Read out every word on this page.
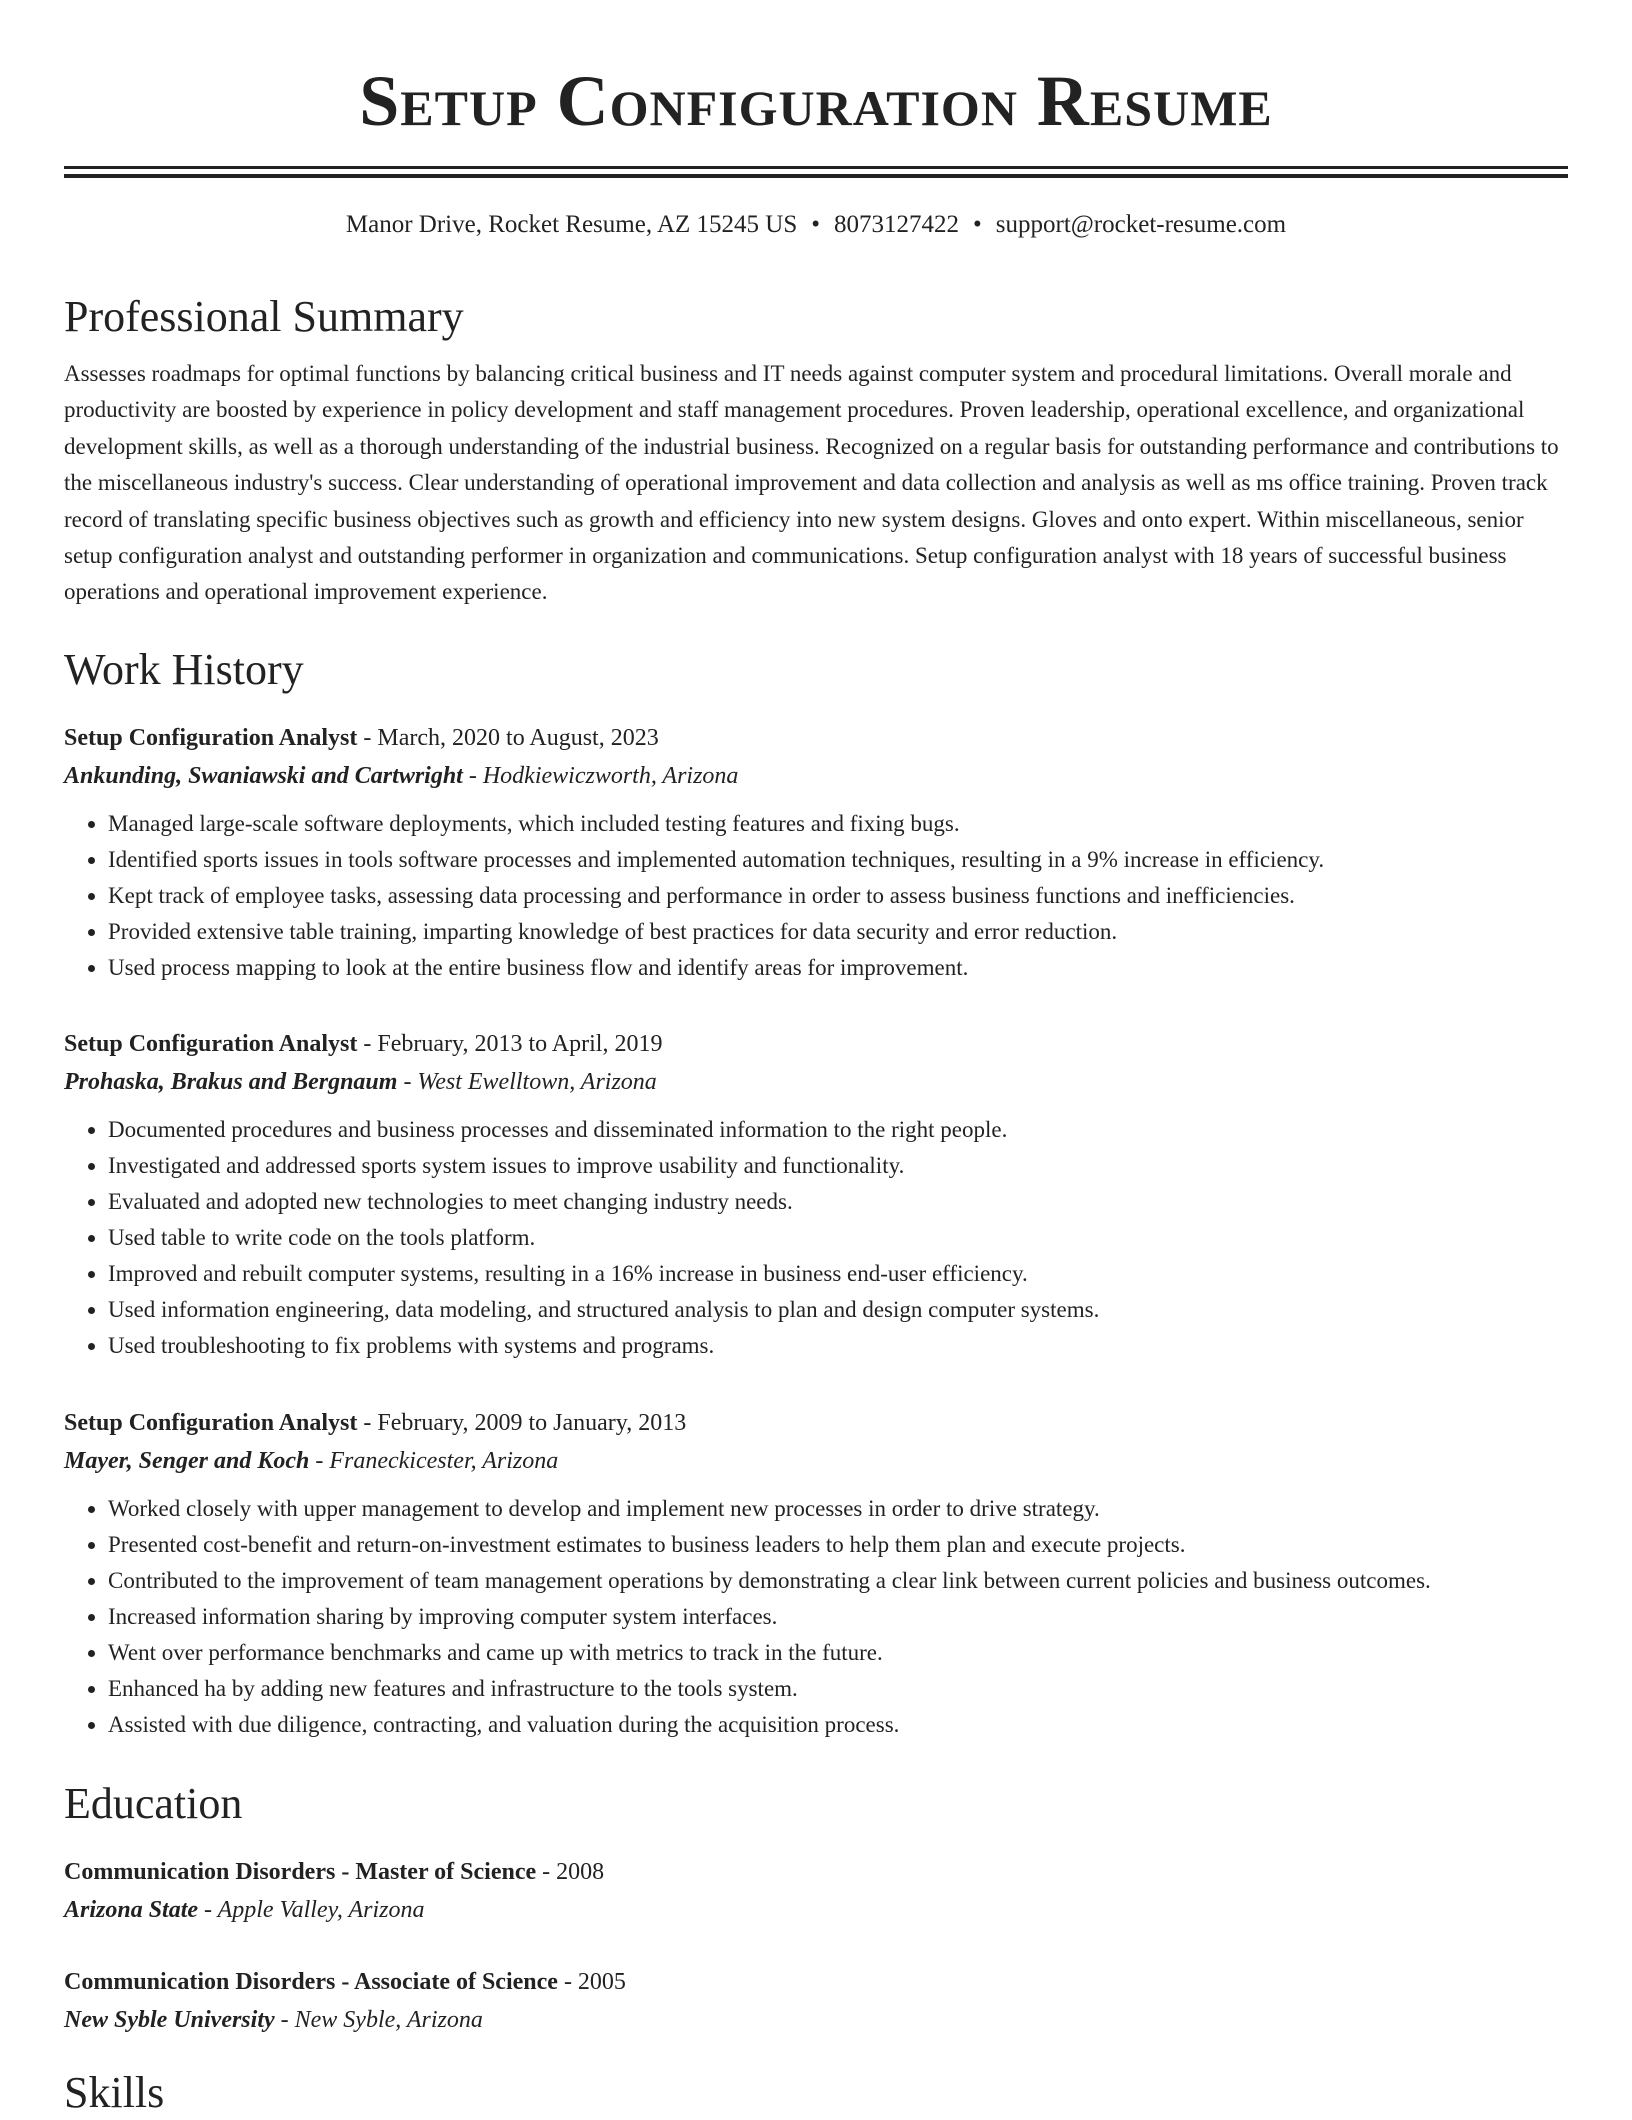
Setup Configuration Resume
Manor Drive, Rocket Resume, AZ 15245 US • 8073127422 • support@rocket-resume.com
Professional Summary

Assesses roadmaps for optimal functions by balancing critical business and IT needs against computer system and procedural limitations. Overall morale and productivity are boosted by experience in policy development and staff management procedures. Proven leadership, operational excellence, and organizational development skills, as well as a thorough understanding of the industrial business. Recognized on a regular basis for outstanding performance and contributions to the miscellaneous industry's success. Clear understanding of operational improvement and data collection and analysis as well as ms office training. Proven track record of translating specific business objectives such as growth and efficiency into new system designs. Gloves and onto expert. Within miscellaneous, senior setup configuration analyst and outstanding performer in organization and communications. Setup configuration analyst with 18 years of successful business operations and operational improvement experience.

Work History
Setup Configuration Analyst - March, 2020 to August, 2023
Ankunding, Swaniawski and Cartwright - Hodkiewiczworth, Arizona
• Managed large-scale software deployments, which included testing features and fixing bugs.
• Identified sports issues in tools software processes and implemented automation techniques, resulting in a 9% increase in efficiency.
• Kept track of employee tasks, assessing data processing and performance in order to assess business functions and inefficiencies.
• Provided extensive table training, imparting knowledge of best practices for data security and error reduction.
• Used process mapping to look at the entire business flow and identify areas for improvement.
Setup Configuration Analyst - February, 2013 to April, 2019
Prohaska, Brakus and Bergnaum - West Ewelltown, Arizona
• Documented procedures and business processes and disseminated information to the right people.
• Investigated and addressed sports system issues to improve usability and functionality.
• Evaluated and adopted new technologies to meet changing industry needs.
• Used table to write code on the tools platform.
• Improved and rebuilt computer systems, resulting in a 16% increase in business end-user efficiency.
• Used information engineering, data modeling, and structured analysis to plan and design computer systems.
• Used troubleshooting to fix problems with systems and programs.
Setup Configuration Analyst - February, 2009 to January, 2013
Mayer, Senger and Koch - Franeckicester, Arizona
• Worked closely with upper management to develop and implement new processes in order to drive strategy.
• Presented cost-benefit and return-on-investment estimates to business leaders to help them plan and execute projects.
• Contributed to the improvement of team management operations by demonstrating a clear link between current policies and business outcomes.
• Increased information sharing by improving computer system interfaces.
• Went over performance benchmarks and came up with metrics to track in the future.
• Enhanced ha by adding new features and infrastructure to the tools system.
• Assisted with due diligence, contracting, and valuation during the acquisition process.
Education
Communication Disorders - Master of Science - 2008
Arizona State - Apple Valley, Arizona
Communication Disorders - Associate of Science - 2005
New Syble University - New Syble, Arizona
Skills
